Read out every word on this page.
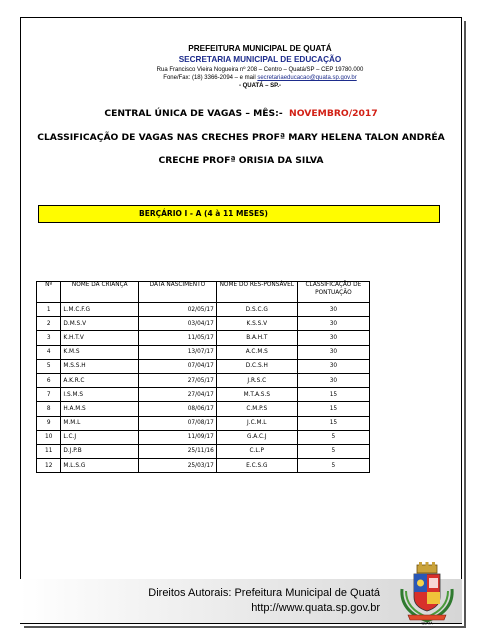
PREFEITURA MUNICIPAL DE QUATÁ
SECRETARIA MUNICIPAL DE EDUCAÇÃO
Rua Francisco Vieira Nogueira nº 208 – Centro – Quatá/SP – CEP 19780.000
Fone/Fax: (18) 3366-2094 – e mail secretariaeducacao@quata.sp.gov.br
- QUATÁ – SP.-
CENTRAL ÚNICA DE VAGAS – MÊS:- NOVEMBRO/2017
CLASSIFICAÇÃO DE VAGAS NAS CRECHES PROFª MARY HELENA TALON ANDRÉA
CRECHE PROFª ORISIA DA SILVA
BERÇÁRIO I - A (4 à 11 MESES)
Nº	NOME DA CRIANÇA	DATA NASCIMENTO	NOME DO RES-PONSÁVEL	CLASSIFICAÇÃO DE PONTUAÇÃO
1	L.M.C.F.G	02/05/17	D.S.C.G	30
2	D.M.S.V	03/04/17	K.S.S.V	30
3	K.H.T.V	11/05/17	B.A.H.T	30
4	K.M.S	13/07/17	A.C.M.S	30
5	M.S.S.H	07/04/17	D.C.S.H	30
6	A.K.R.C	27/05/17	J.R.S.C	30
7	I.S.M.S	27/04/17	M.T.A.S.S	15
8	H.A.M.S	08/06/17	C.M.P.S	15
9	M.M.L	07/08/17	J.C.M.L	15
10	L.C.J	11/09/17	G.A.C.J	5
11	D.J.P.B	25/11/16	C.L.P	5
12	M.L.S.G	25/03/17	E.C.S.G	5
Direitos Autorais: Prefeitura Municipal de Quatá
http://www.quata.sp.gov.br
QUATÁ
